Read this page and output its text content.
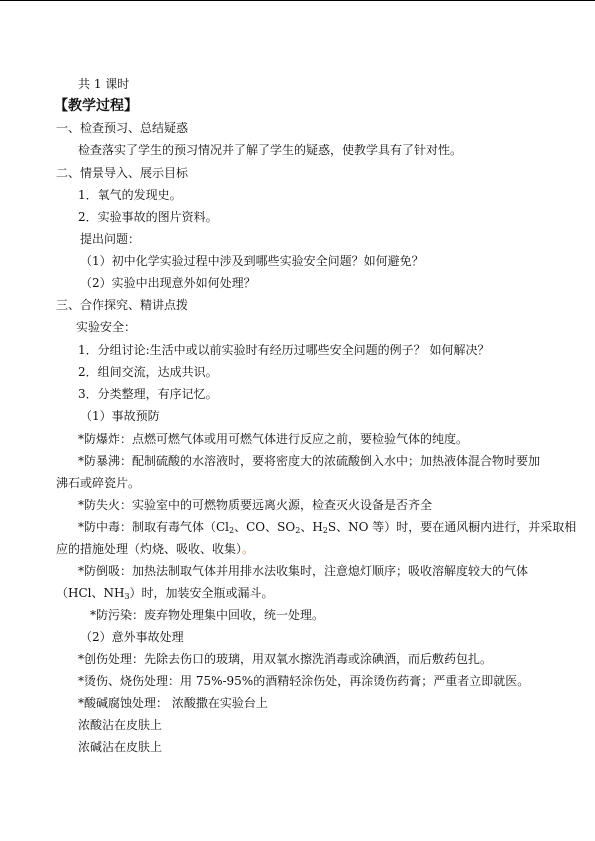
共 1 课时
【教学过程】
一、检查预习、总结疑惑
检查落实了学生的预习情况并了解了学生的疑惑，使教学具有了针对性。
二、情景导入、展示目标
1．氧气的发现史。
2．实验事故的图片资料。
提出问题：
（1）初中化学实验过程中涉及到哪些实验安全问题？如何避免？
（2）实验中出现意外如何处理？
三、合作探究、精讲点拨
实验安全：
1．分组讨论:生活中或以前实验时有经历过哪些安全问题的例子？ 如何解决？
2．组间交流，达成共识。
3．分类整理，有序记忆。
（1）事故预防
*防爆炸：点燃可燃气体或用可燃气体进行反应之前，要检验气体的纯度。
*防暴沸：配制硫酸的水溶液时，要将密度大的浓硫酸倒入水中；加热液体混合物时要加
沸石或碎瓷片。
*防失火：实验室中的可燃物质要远离火源，检查灭火设备是否齐全
*防中毒：制取有毒气体（$Cl_2$、CO、$SO_2$、$H_2S$、NO 等）时，要在通风橱内进行，并采取相
应的措施处理（灼烧、吸收、收集）。
*防倒吸：加热法制取气体并用排水法收集时，注意熄灯顺序；吸收溶解度较大的气体
（HCl、$NH_3$）时，加装安全瓶或漏斗。
*防污染：废弃物处理集中回收，统一处理。
（2）意外事故处理
*创伤处理：先除去伤口的玻璃，用双氧水擦洗消毒或涂碘酒，而后敷药包扎。
*烫伤、烧伤处理：用 75%-95%的酒精轻涂伤处，再涂烫伤药膏；严重者立即就医。
*酸碱腐蚀处理： 浓酸撒在实验台上
浓酸沾在皮肤上
浓碱沾在皮肤上
